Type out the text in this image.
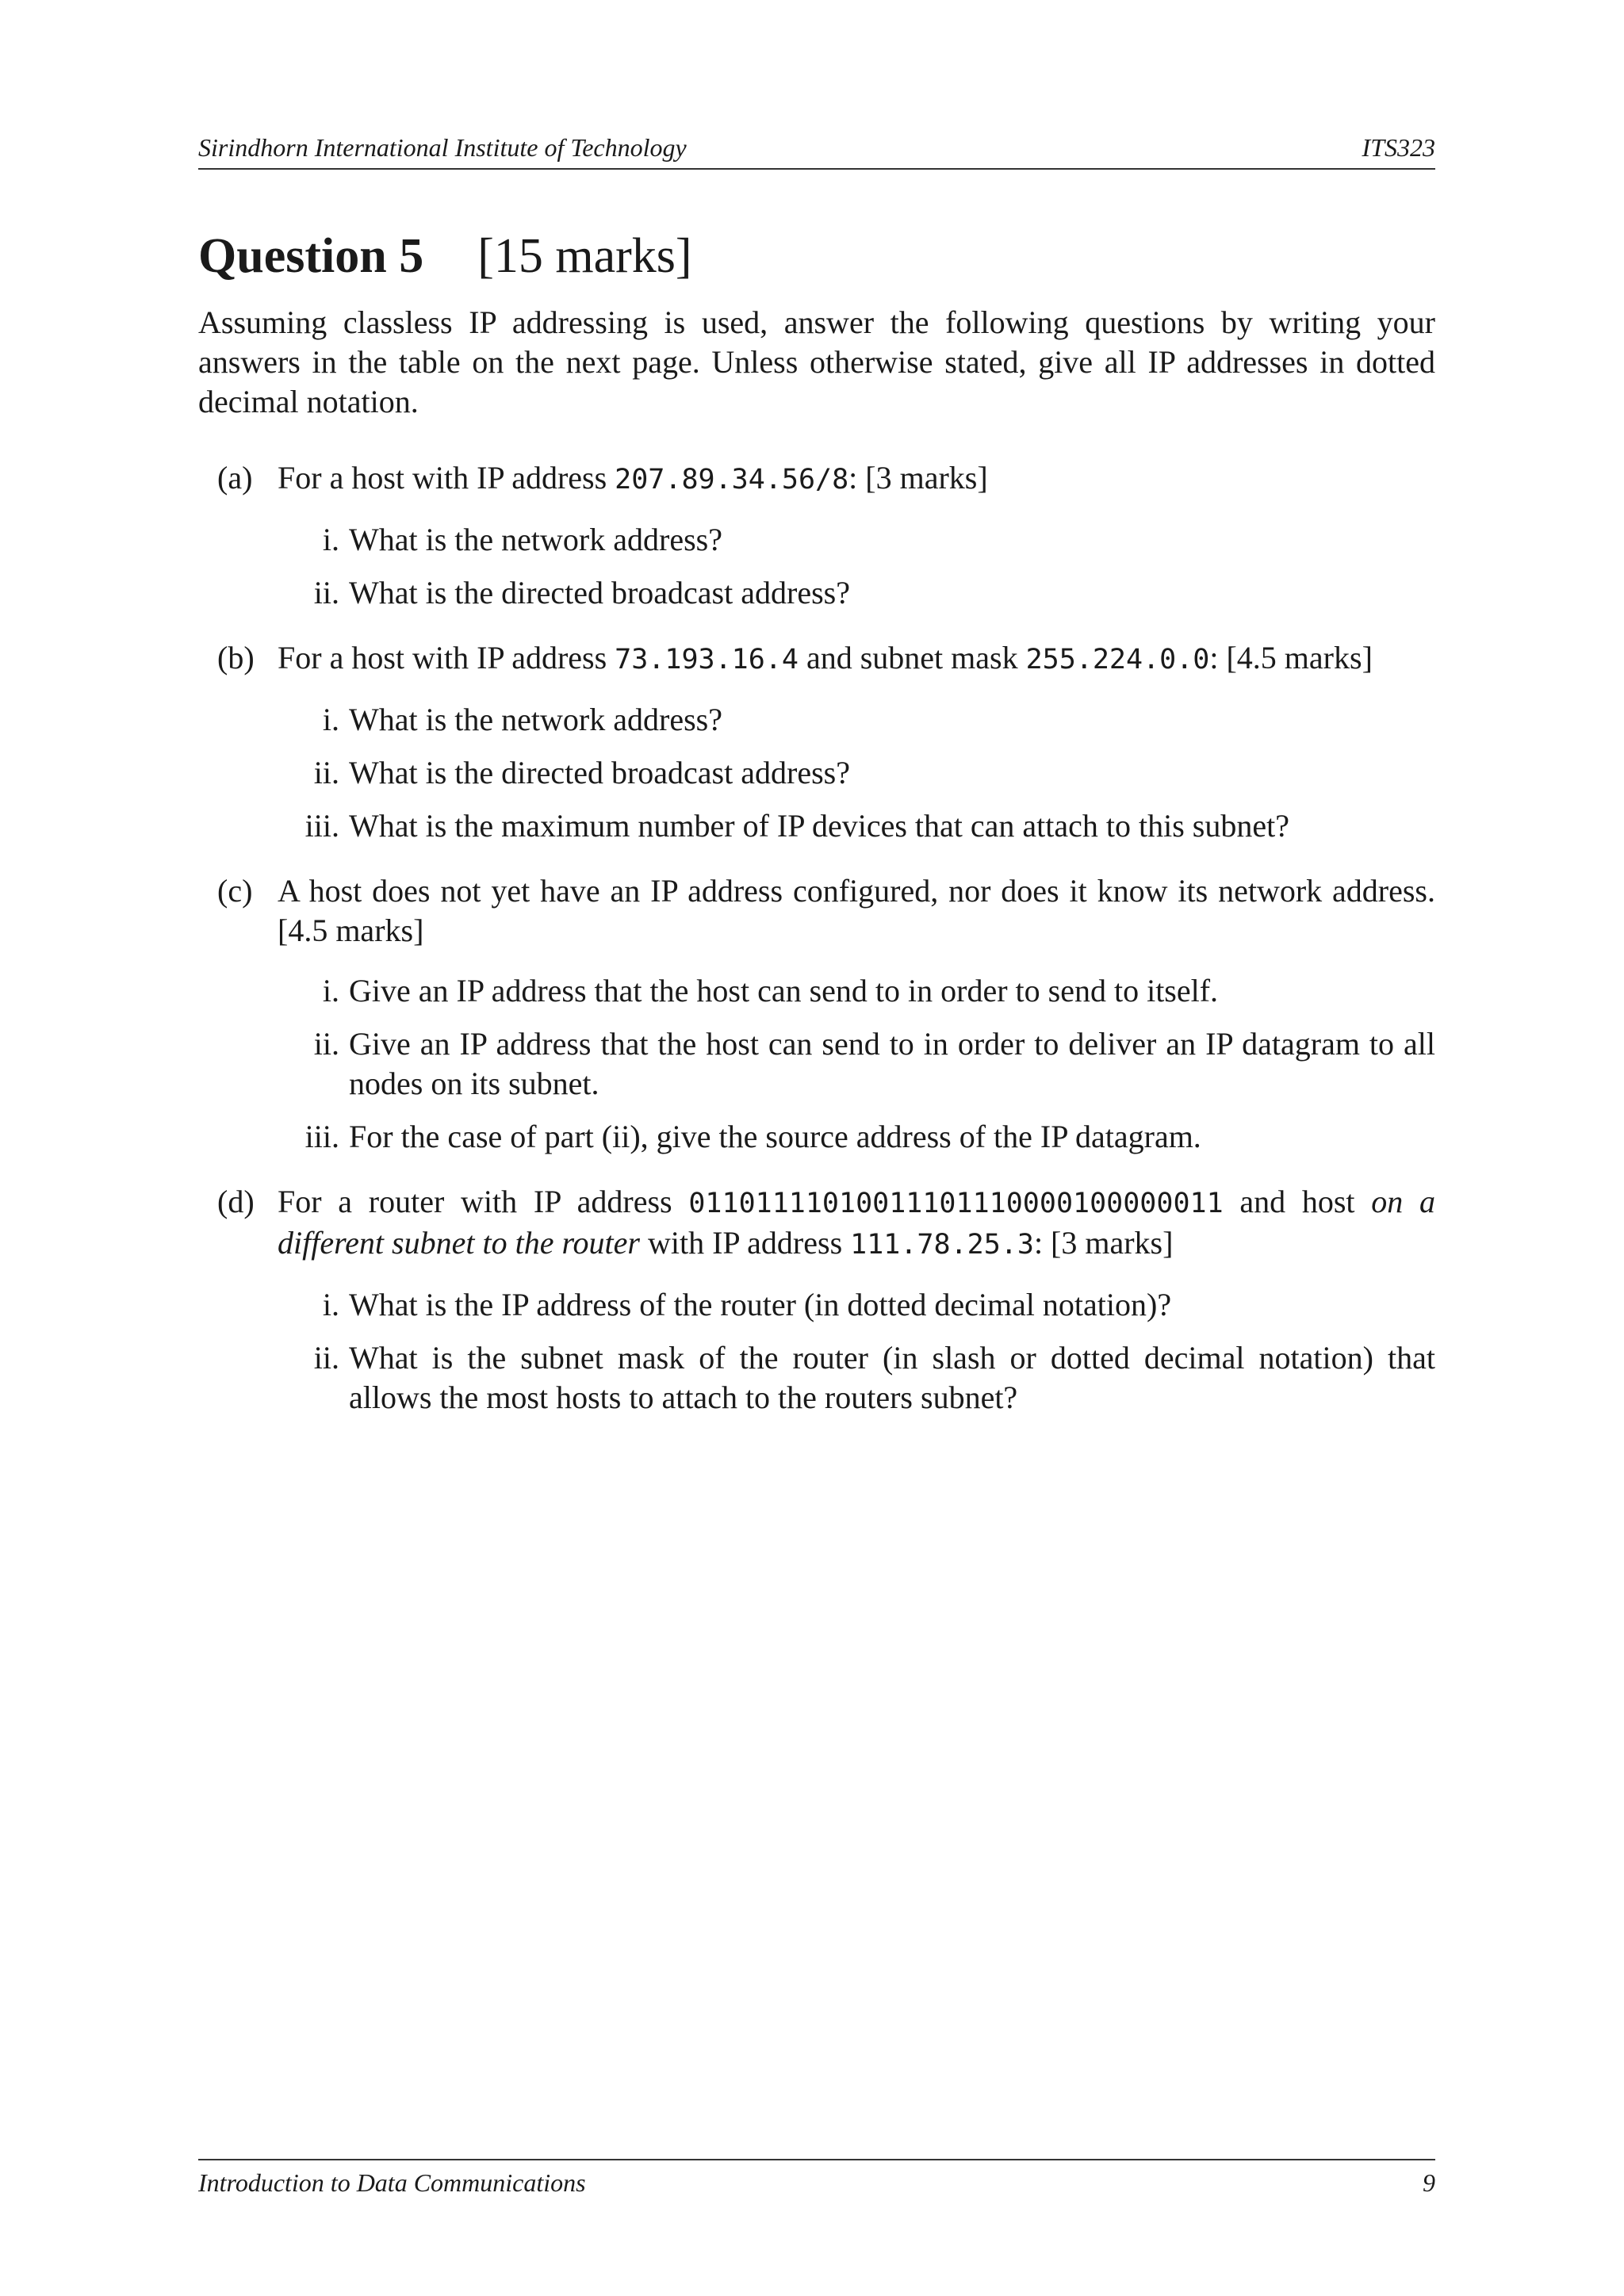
Sirindhorn International Institute of Technology	ITS323
Question 5 [15 marks]

Assuming classless IP addressing is used, answer the following questions by writing your answers in the table on the next page. Unless otherwise stated, give all IP addresses in dotted decimal notation.

(a) For a host with IP address 207.89.34.56/8: [3 marks]
i. What is the network address?
ii. What is the directed broadcast address?
(b) For a host with IP address 73.193.16.4 and subnet mask 255.224.0.0: [4.5 marks]
i. What is the network address?
ii. What is the directed broadcast address?
iii. What is the maximum number of IP devices that can attach to this subnet?
(c) A host does not yet have an IP address configured, nor does it know its network address. [4.5 marks]
i. Give an IP address that the host can send to in order to send to itself.
ii. Give an IP address that the host can send to in order to deliver an IP datagram to all nodes on its subnet.
iii. For the case of part (ii), give the source address of the IP datagram.
(d) For a router with IP address 01101111010011101110000100000011 and host on a different subnet to the router with IP address 111.78.25.3: [3 marks]
i. What is the IP address of the router (in dotted decimal notation)?
ii. What is the subnet mask of the router (in slash or dotted decimal notation) that allows the most hosts to attach to the routers subnet?
Introduction to Data Communications	9
